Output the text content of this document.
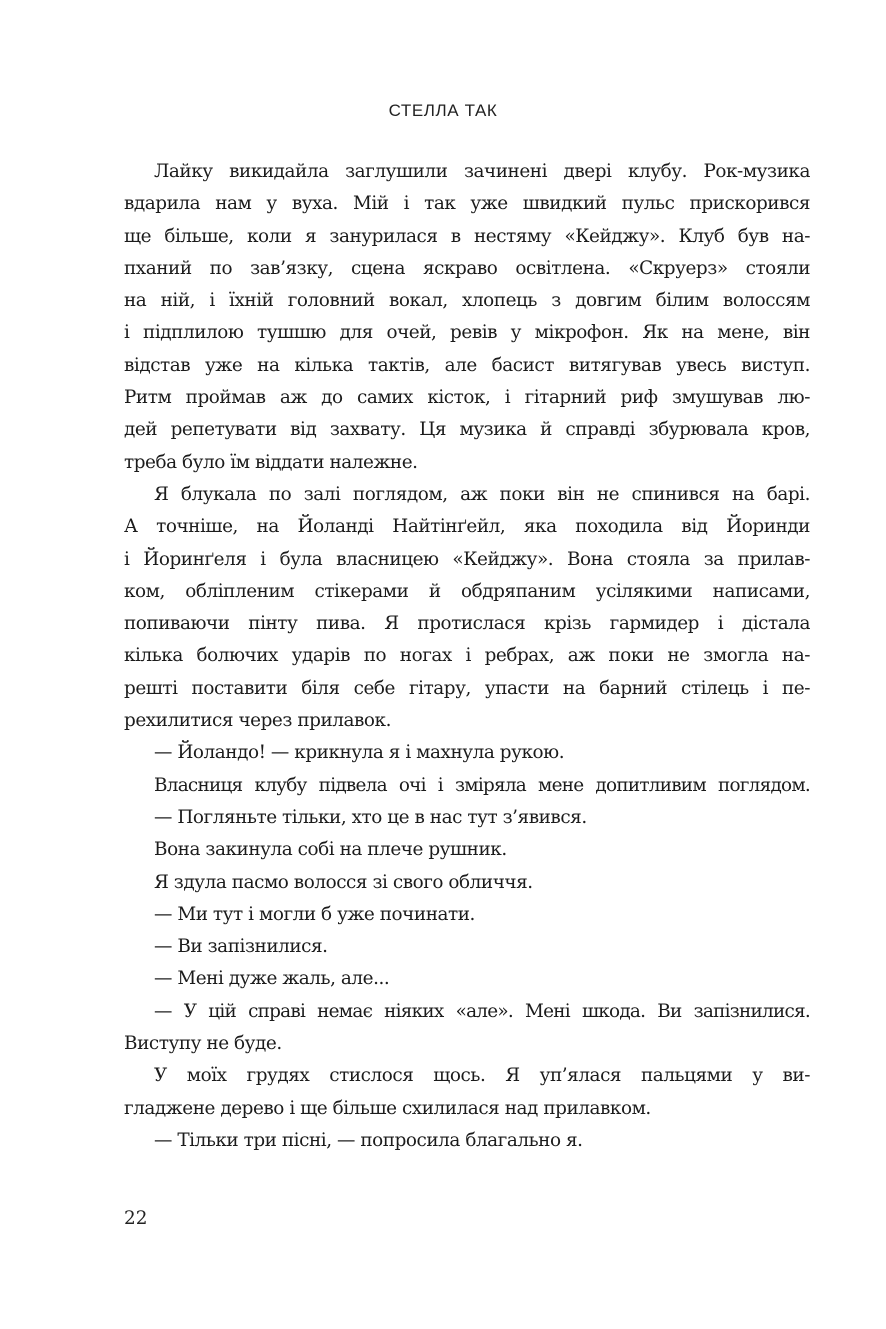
СТЕЛЛА ТАК
Лайку викидайла заглушили зачинені двері клубу. Рок-музика
вдарила нам у вуха. Мій і так уже швидкий пульс прискорився
ще більше, коли я занурилася в нестяму «Кейджу». Клуб був на-
пханий по зав’язку, сцена яскраво освітлена. «Скруерз» стояли
на ній, і їхній головний вокал, хлопець з довгим білим волоссям
і підплилою тушшю для очей, ревів у мікрофон. Як на мене, він
відстав уже на кілька тактів, але басист витягував увесь виступ.
Ритм проймав аж до самих кісток, і гітарний риф змушував лю-
дей репетувати від захвату. Ця музика й справді збурювала кров,
треба було їм віддати належне.
Я блукала по залі поглядом, аж поки він не спинився на барі.
А точніше, на Йоланді Найтінґейл, яка походила від Йоринди
і Йоринґеля і була власницею «Кейджу». Вона стояла за прилав-
ком, обліпленим стікерами й обдряпаним усілякими написами,
попиваючи пінту пива. Я протислася крізь гармидер і дістала
кілька болючих ударів по ногах і ребрах, аж поки не змогла на-
решті поставити біля себе гітару, упасти на барний стілець і пе-
рехилитися через прилавок.
— Йоландо! — крикнула я і махнула рукою.
Власниця клубу підвела очі і зміряла мене допитливим поглядом.
— Погляньте тільки, хто це в нас тут з’явився.
Вона закинула собі на плече рушник.
Я здула пасмо волосся зі свого обличчя.
— Ми тут і могли б уже починати.
— Ви запізнилися.
— Мені дуже жаль, але...
— У цій справі немає ніяких «але». Мені шкода. Ви запізнилися.
Виступу не буде.
У моїх грудях стислося щось. Я уп’ялася пальцями у ви-
гладжене дерево і ще більше схилилася над прилавком.
— Тільки три пісні, — попросила благально я.
22
